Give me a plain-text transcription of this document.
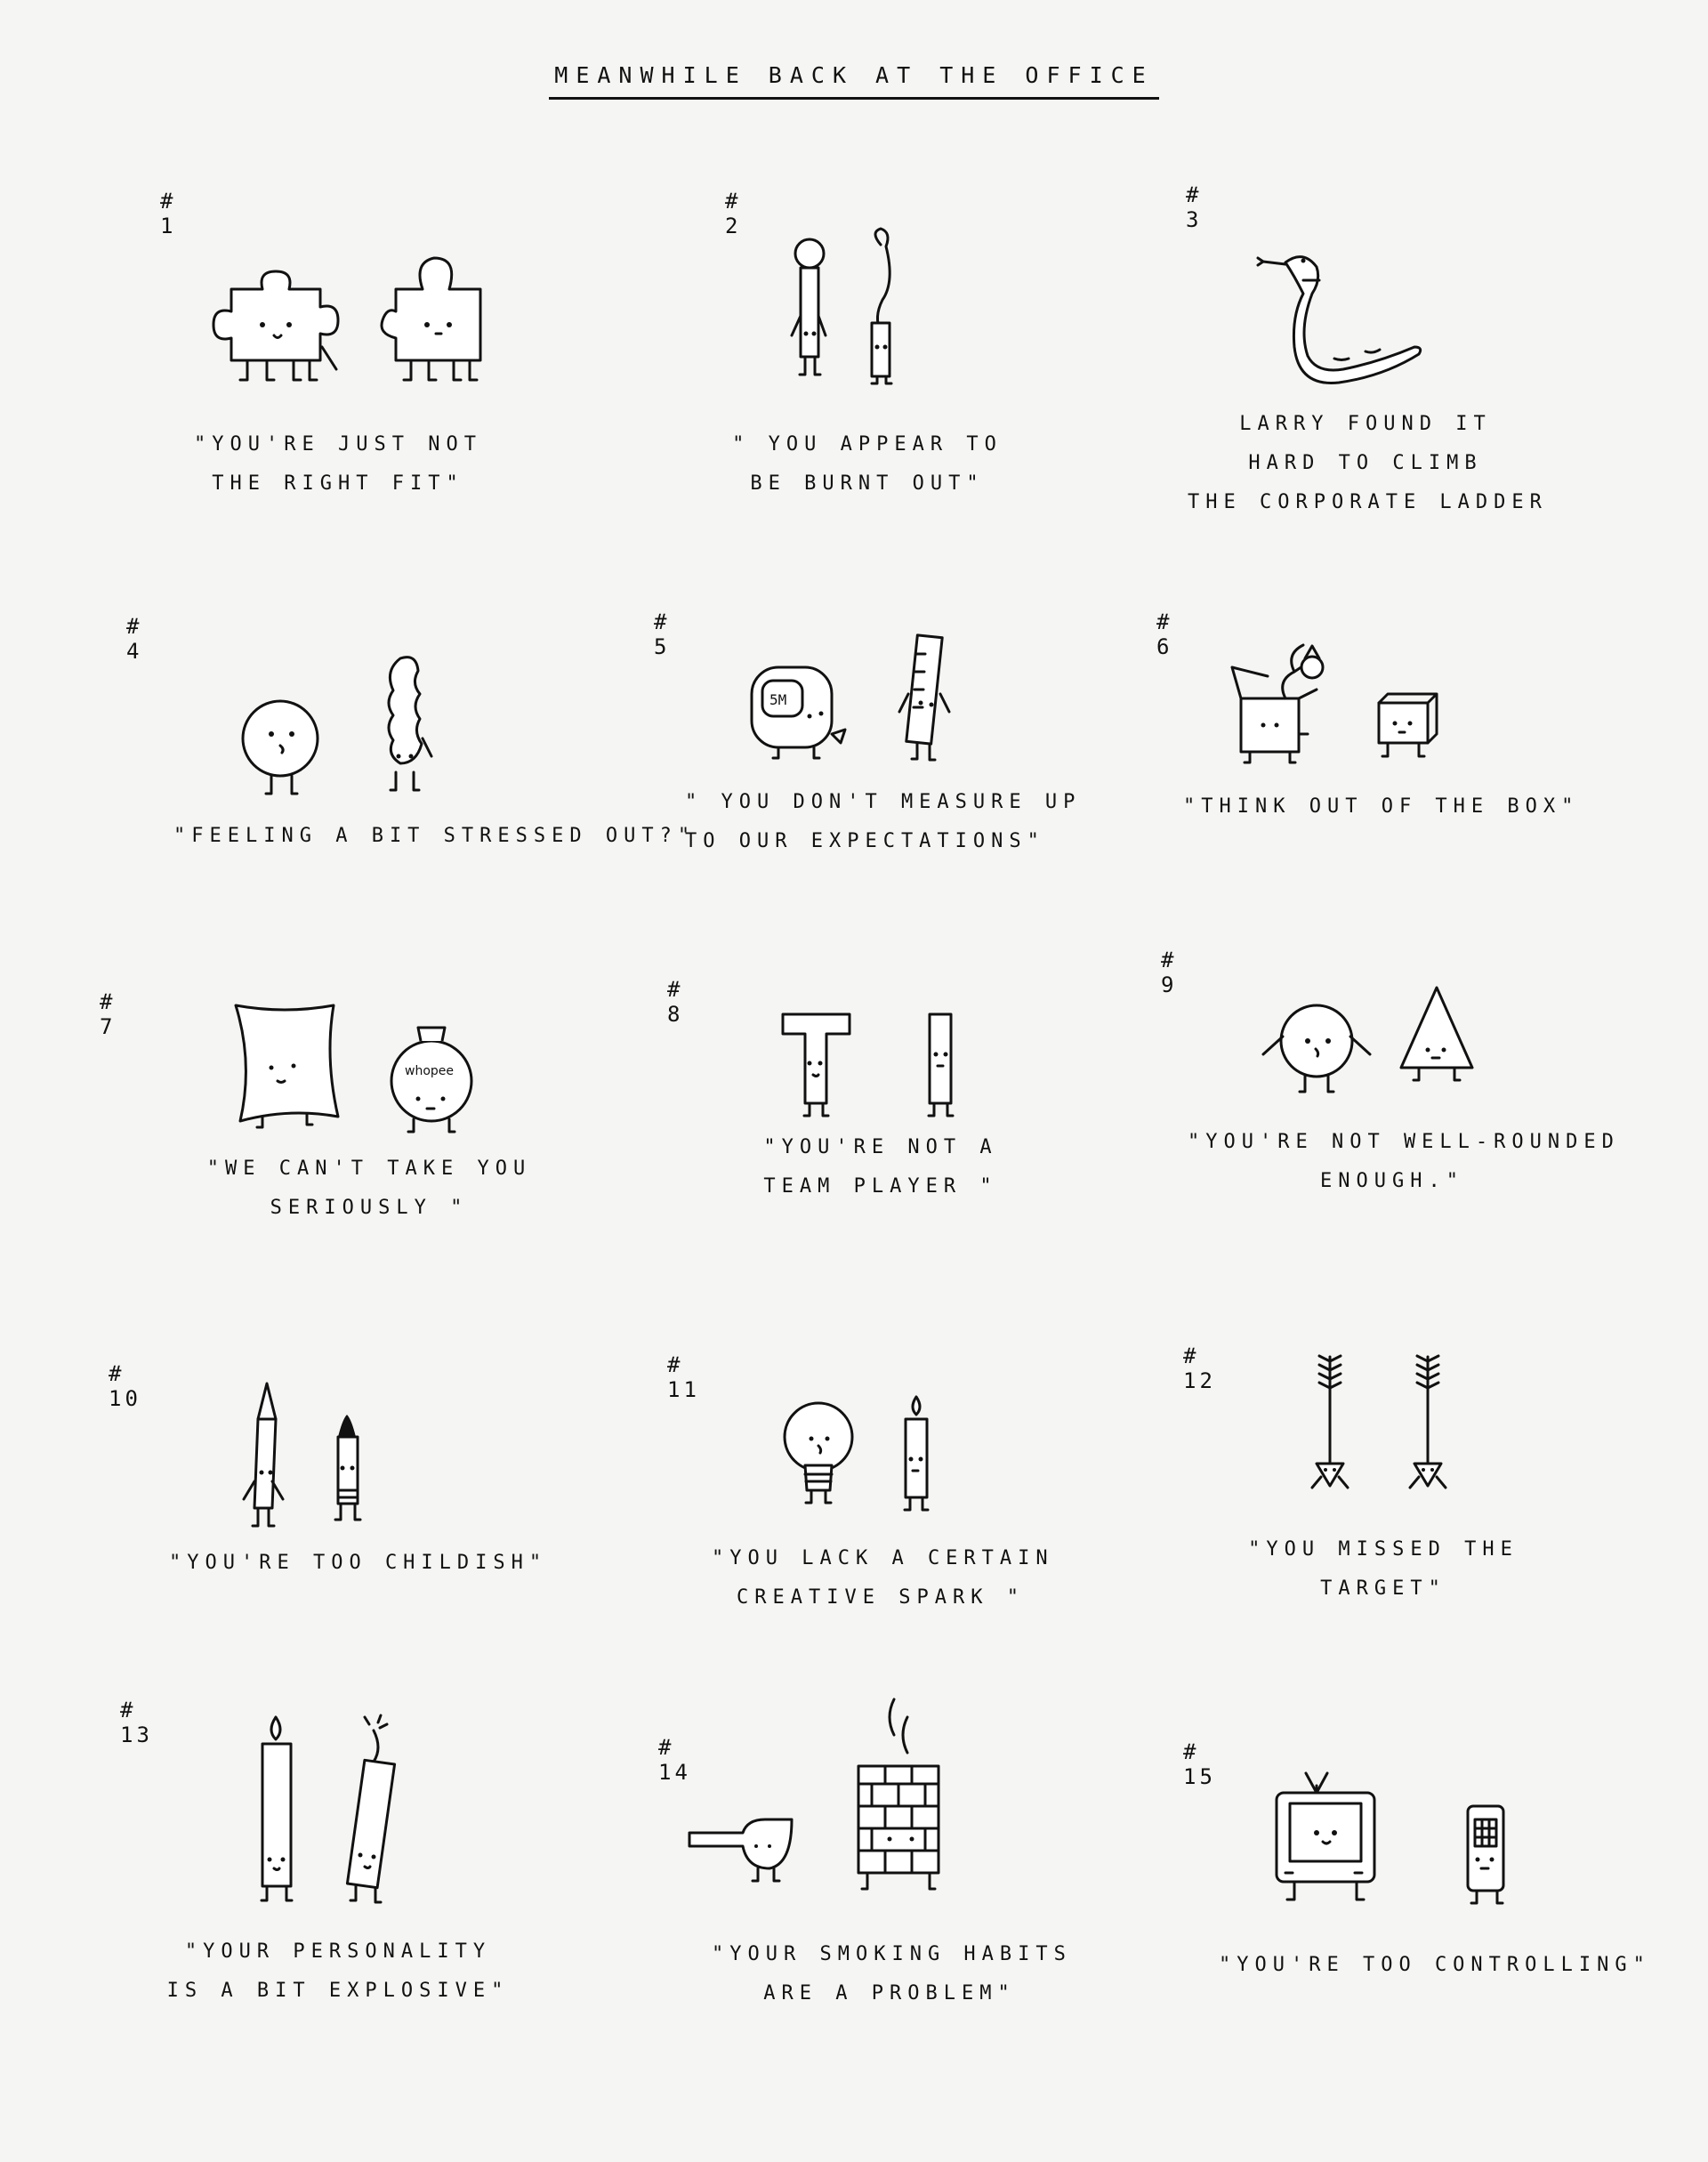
MEANWHILE BACK AT THE OFFICE
# 1
"YOU'RE JUST NOT
THE RIGHT FIT"
# 2
" YOU APPEAR TO
BE BURNT OUT"
# 3
LARRY FOUND IT
HARD TO CLIMB
THE CORPORATE LADDER
# 4
"FEELING A BIT STRESSED OUT?"
# 5
5M
" YOU DON'T MEASURE UP
TO OUR EXPECTATIONS"
# 6
"THINK OUT OF THE BOX"
# 7
whopee
"WE CAN'T TAKE YOU
SERIOUSLY "
# 8
"YOU'RE NOT A
TEAM PLAYER "
# 9
"YOU'RE NOT WELL-ROUNDED
ENOUGH."
# 10
"YOU'RE TOO CHILDISH"
# 11
"YOU LACK A CERTAIN
CREATIVE SPARK "
# 12
"YOU MISSED THE
TARGET"
# 13
"YOUR PERSONALITY
IS A BIT EXPLOSIVE"
# 14
"YOUR SMOKING HABITS
ARE A PROBLEM"
# 15
"YOU'RE TOO CONTROLLING"
